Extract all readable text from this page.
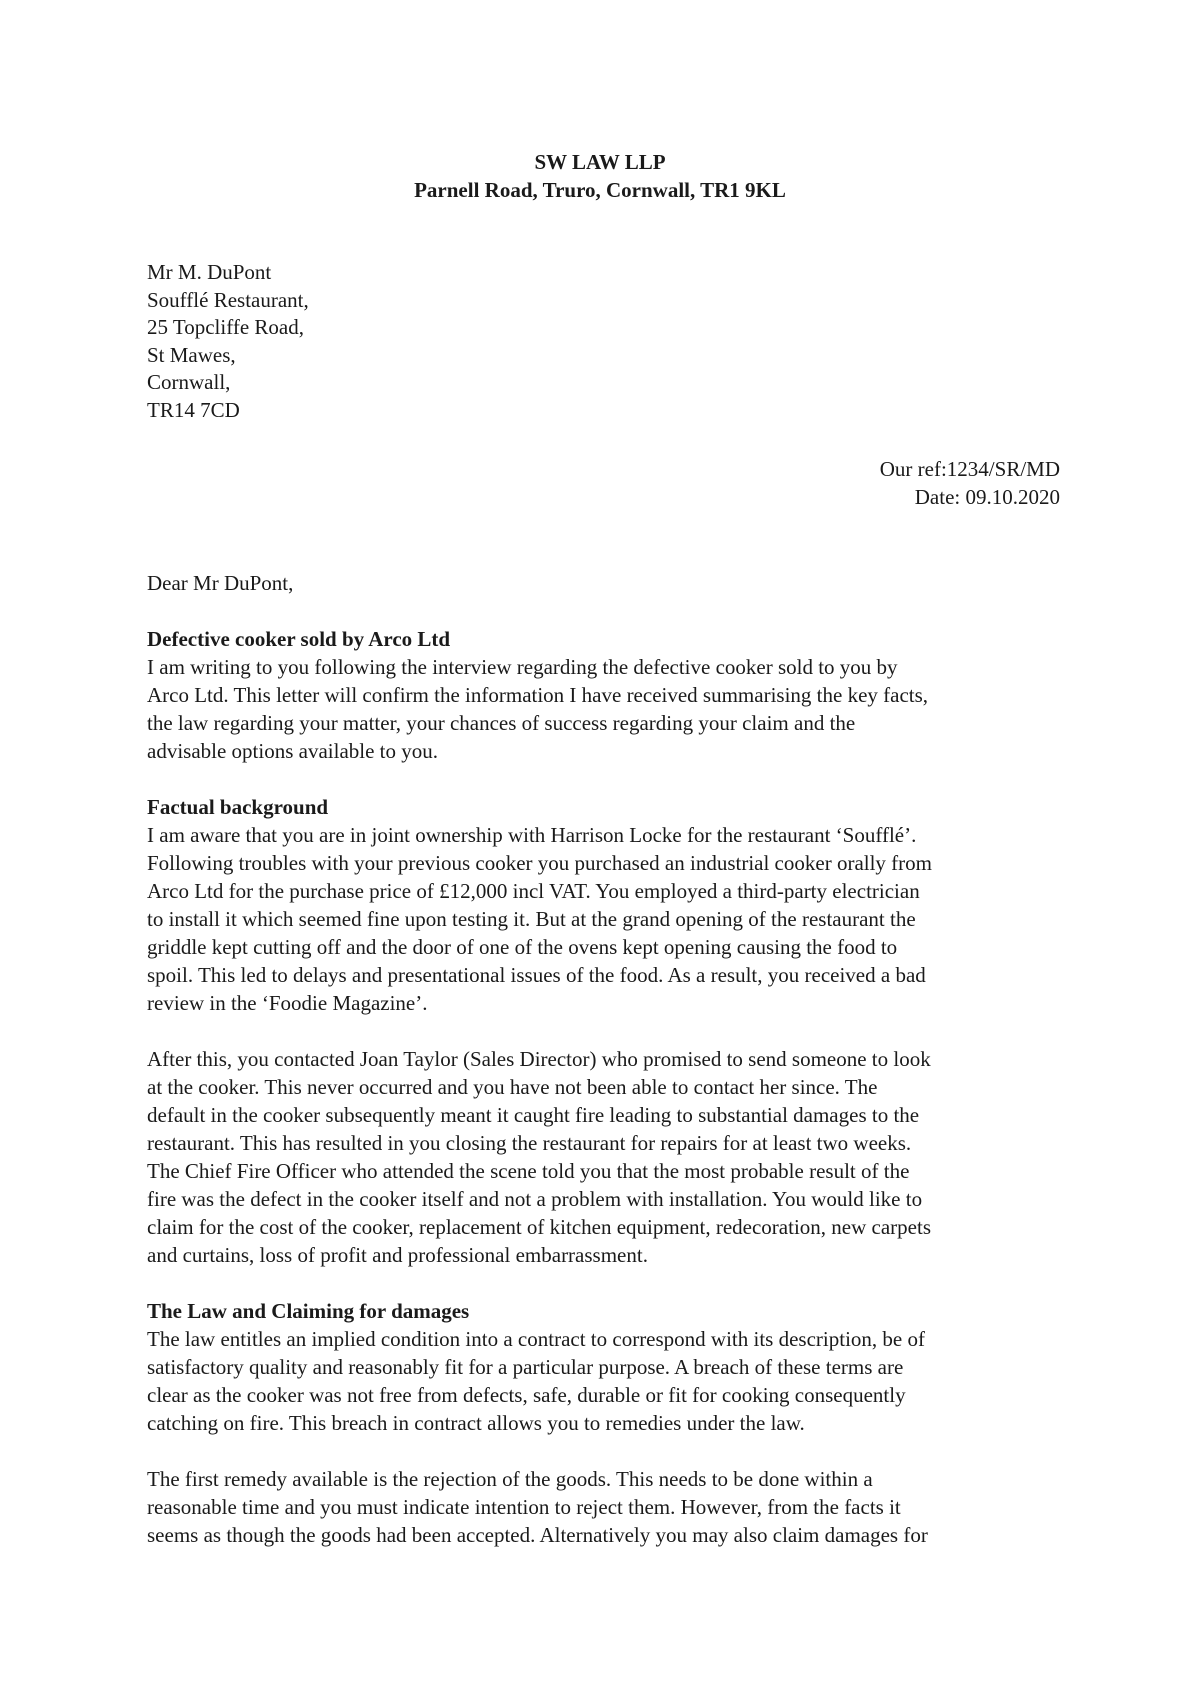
SW LAW LLP
Parnell Road, Truro, Cornwall, TR1 9KL
Mr M. DuPont
Soufflé Restaurant,
25 Topcliffe Road,
St Mawes,
Cornwall,
TR14 7CD
Our ref:1234/SR/MD
Date: 09.10.2020

Dear Mr DuPont,

Defective cooker sold by Arco Ltd

I am writing to you following the interview regarding the defective cooker sold to you by
Arco Ltd. This letter will confirm the information I have received summarising the key facts,
the law regarding your matter, your chances of success regarding your claim and the
advisable options available to you.

Factual background

I am aware that you are in joint ownership with Harrison Locke for the restaurant ‘Soufflé’.
Following troubles with your previous cooker you purchased an industrial cooker orally from
Arco Ltd for the purchase price of £12,000 incl VAT. You employed a third-party electrician
to install it which seemed fine upon testing it. But at the grand opening of the restaurant the
griddle kept cutting off and the door of one of the ovens kept opening causing the food to
spoil. This led to delays and presentational issues of the food. As a result, you received a bad
review in the ‘Foodie Magazine’.

After this, you contacted Joan Taylor (Sales Director) who promised to send someone to look
at the cooker. This never occurred and you have not been able to contact her since. The
default in the cooker subsequently meant it caught fire leading to substantial damages to the
restaurant. This has resulted in you closing the restaurant for repairs for at least two weeks.
The Chief Fire Officer who attended the scene told you that the most probable result of the
fire was the defect in the cooker itself and not a problem with installation. You would like to
claim for the cost of the cooker, replacement of kitchen equipment, redecoration, new carpets
and curtains, loss of profit and professional embarrassment.

The Law and Claiming for damages

The law entitles an implied condition into a contract to correspond with its description, be of
satisfactory quality and reasonably fit for a particular purpose. A breach of these terms are
clear as the cooker was not free from defects, safe, durable or fit for cooking consequently
catching on fire. This breach in contract allows you to remedies under the law.

The first remedy available is the rejection of the goods. This needs to be done within a
reasonable time and you must indicate intention to reject them. However, from the facts it
seems as though the goods had been accepted. Alternatively you may also claim damages for
